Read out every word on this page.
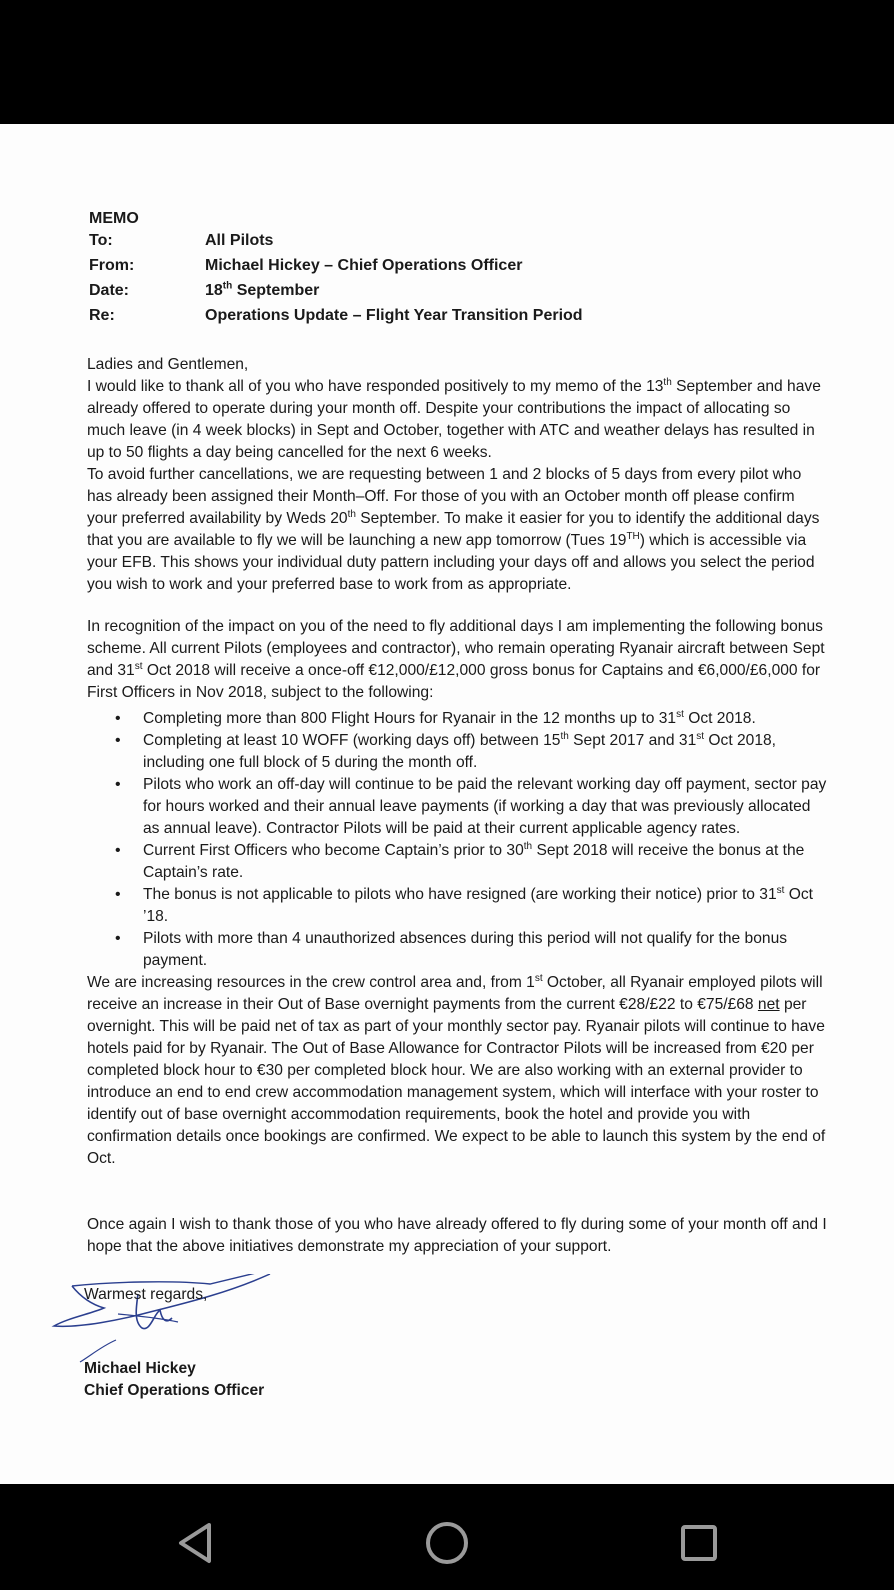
MEMO
To:	All Pilots
From:	Michael Hickey – Chief Operations Officer
Date:	18th September
Re:	Operations Update – Flight Year Transition Period

Ladies and Gentlemen,

I would like to thank all of you who have responded positively to my memo of the 13th September and have already offered to operate during your month off. Despite your contributions the impact of allocating so much leave (in 4 week blocks) in Sept and October, together with ATC and weather delays has resulted in up to 50 flights a day being cancelled for the next 6 weeks.

To avoid further cancellations, we are requesting between 1 and 2 blocks of 5 days from every pilot who has already been assigned their Month–Off. For those of you with an October month off please confirm your preferred availability by Weds 20th September. To make it easier for you to identify the additional days that you are available to fly we will be launching a new app tomorrow (Tues 19TH) which is accessible via your EFB. This shows your individual duty pattern including your days off and allows you select the period you wish to work and your preferred base to work from as appropriate.

In recognition of the impact on you of the need to fly additional days I am implementing the following bonus scheme. All current Pilots (employees and contractor), who remain operating Ryanair aircraft between Sept and 31st Oct 2018 will receive a once-off €12,000/£12,000 gross bonus for Captains and €6,000/£6,000 for First Officers in Nov 2018, subject to the following:

• Completing more than 800 Flight Hours for Ryanair in the 12 months up to 31st Oct 2018.
• Completing at least 10 WOFF (working days off) between 15th Sept 2017 and 31st Oct 2018, including one full block of 5 during the month off.
• Pilots who work an off-day will continue to be paid the relevant working day off payment, sector pay for hours worked and their annual leave payments (if working a day that was previously allocated as annual leave). Contractor Pilots will be paid at their current applicable agency rates.
• Current First Officers who become Captain’s prior to 30th Sept 2018 will receive the bonus at the Captain’s rate.
• The bonus is not applicable to pilots who have resigned (are working their notice) prior to 31st Oct ’18.
• Pilots with more than 4 unauthorized absences during this period will not qualify for the bonus payment.

We are increasing resources in the crew control area and, from 1st October, all Ryanair employed pilots will receive an increase in their Out of Base overnight payments from the current €28/£22 to €75/£68 net per overnight. This will be paid net of tax as part of your monthly sector pay. Ryanair pilots will continue to have hotels paid for by Ryanair. The Out of Base Allowance for Contractor Pilots will be increased from €20 per completed block hour to €30 per completed block hour. We are also working with an external provider to introduce an end to end crew accommodation management system, which will interface with your roster to identify out of base overnight accommodation requirements, book the hotel and provide you with confirmation details once bookings are confirmed. We expect to be able to launch this system by the end of Oct.

Once again I wish to thank those of you who have already offered to fly during some of your month off and I hope that the above initiatives demonstrate my appreciation of your support.
Warmest regards,
Michael Hickey
Chief Operations Officer
